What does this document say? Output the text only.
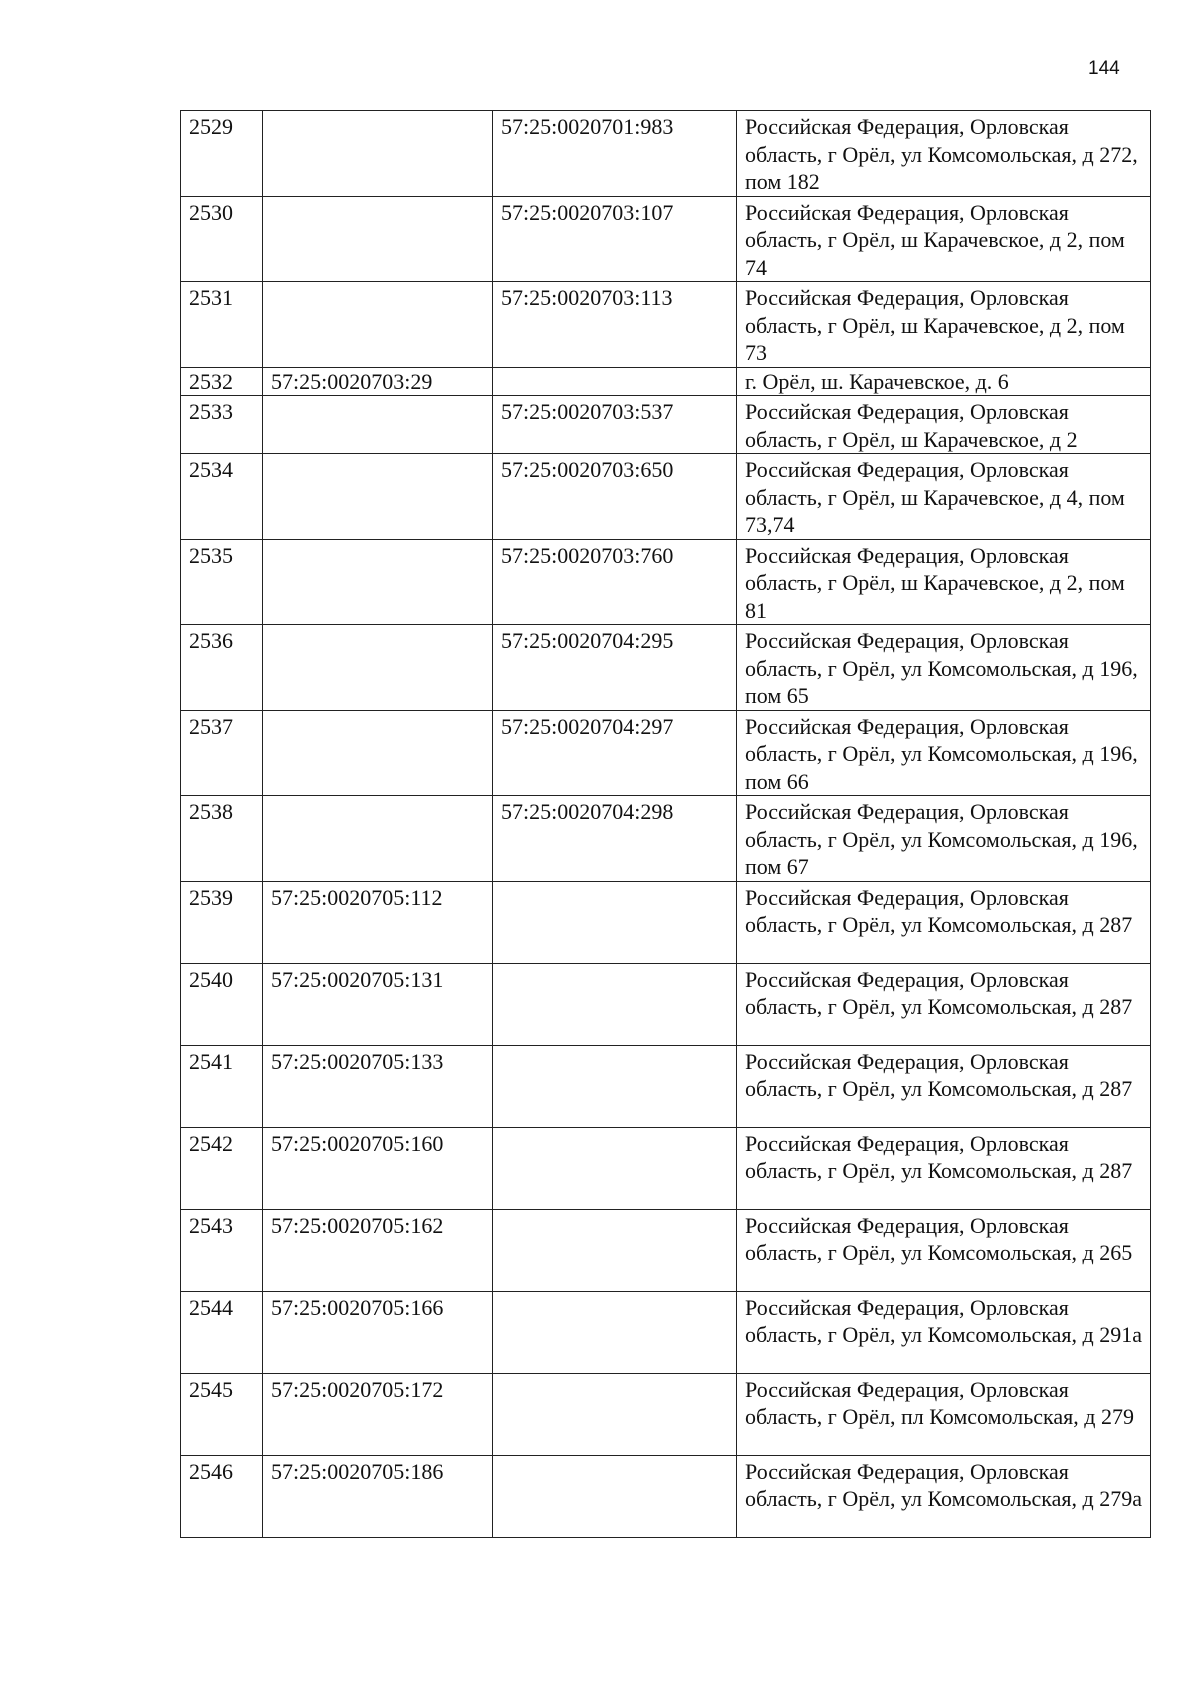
144
2529		57:25:0020701:983	Российская Федерация, Орловская область, г Орёл, ул Комсомольская, д 272, пом 182
2530		57:25:0020703:107	Российская Федерация, Орловская область, г Орёл, ш Карачевское, д 2, пом 74
2531		57:25:0020703:113	Российская Федерация, Орловская область, г Орёл, ш Карачевское, д 2, пом 73
2532	57:25:0020703:29		г. Орёл, ш. Карачевское, д. 6
2533		57:25:0020703:537	Российская Федерация, Орловская область, г Орёл, ш Карачевское, д 2
2534		57:25:0020703:650	Российская Федерация, Орловская область, г Орёл, ш Карачевское, д 4, пом 73,74
2535		57:25:0020703:760	Российская Федерация, Орловская область, г Орёл, ш Карачевское, д 2, пом 81
2536		57:25:0020704:295	Российская Федерация, Орловская область, г Орёл, ул Комсомольская, д 196, пом 65
2537		57:25:0020704:297	Российская Федерация, Орловская область, г Орёл, ул Комсомольская, д 196, пом 66
2538		57:25:0020704:298	Российская Федерация, Орловская область, г Орёл, ул Комсомольская, д 196, пом 67
2539	57:25:0020705:112		Российская Федерация, Орловская область, г Орёл, ул Комсомольская, д 287
2540	57:25:0020705:131		Российская Федерация, Орловская область, г Орёл, ул Комсомольская, д 287
2541	57:25:0020705:133		Российская Федерация, Орловская область, г Орёл, ул Комсомольская, д 287
2542	57:25:0020705:160		Российская Федерация, Орловская область, г Орёл, ул Комсомольская, д 287
2543	57:25:0020705:162		Российская Федерация, Орловская область, г Орёл, ул Комсомольская, д 265
2544	57:25:0020705:166		Российская Федерация, Орловская область, г Орёл, ул Комсомольская, д 291а
2545	57:25:0020705:172		Российская Федерация, Орловская область, г Орёл, пл Комсомольская, д 279
2546	57:25:0020705:186		Российская Федерация, Орловская область, г Орёл, ул Комсомольская, д 279а
